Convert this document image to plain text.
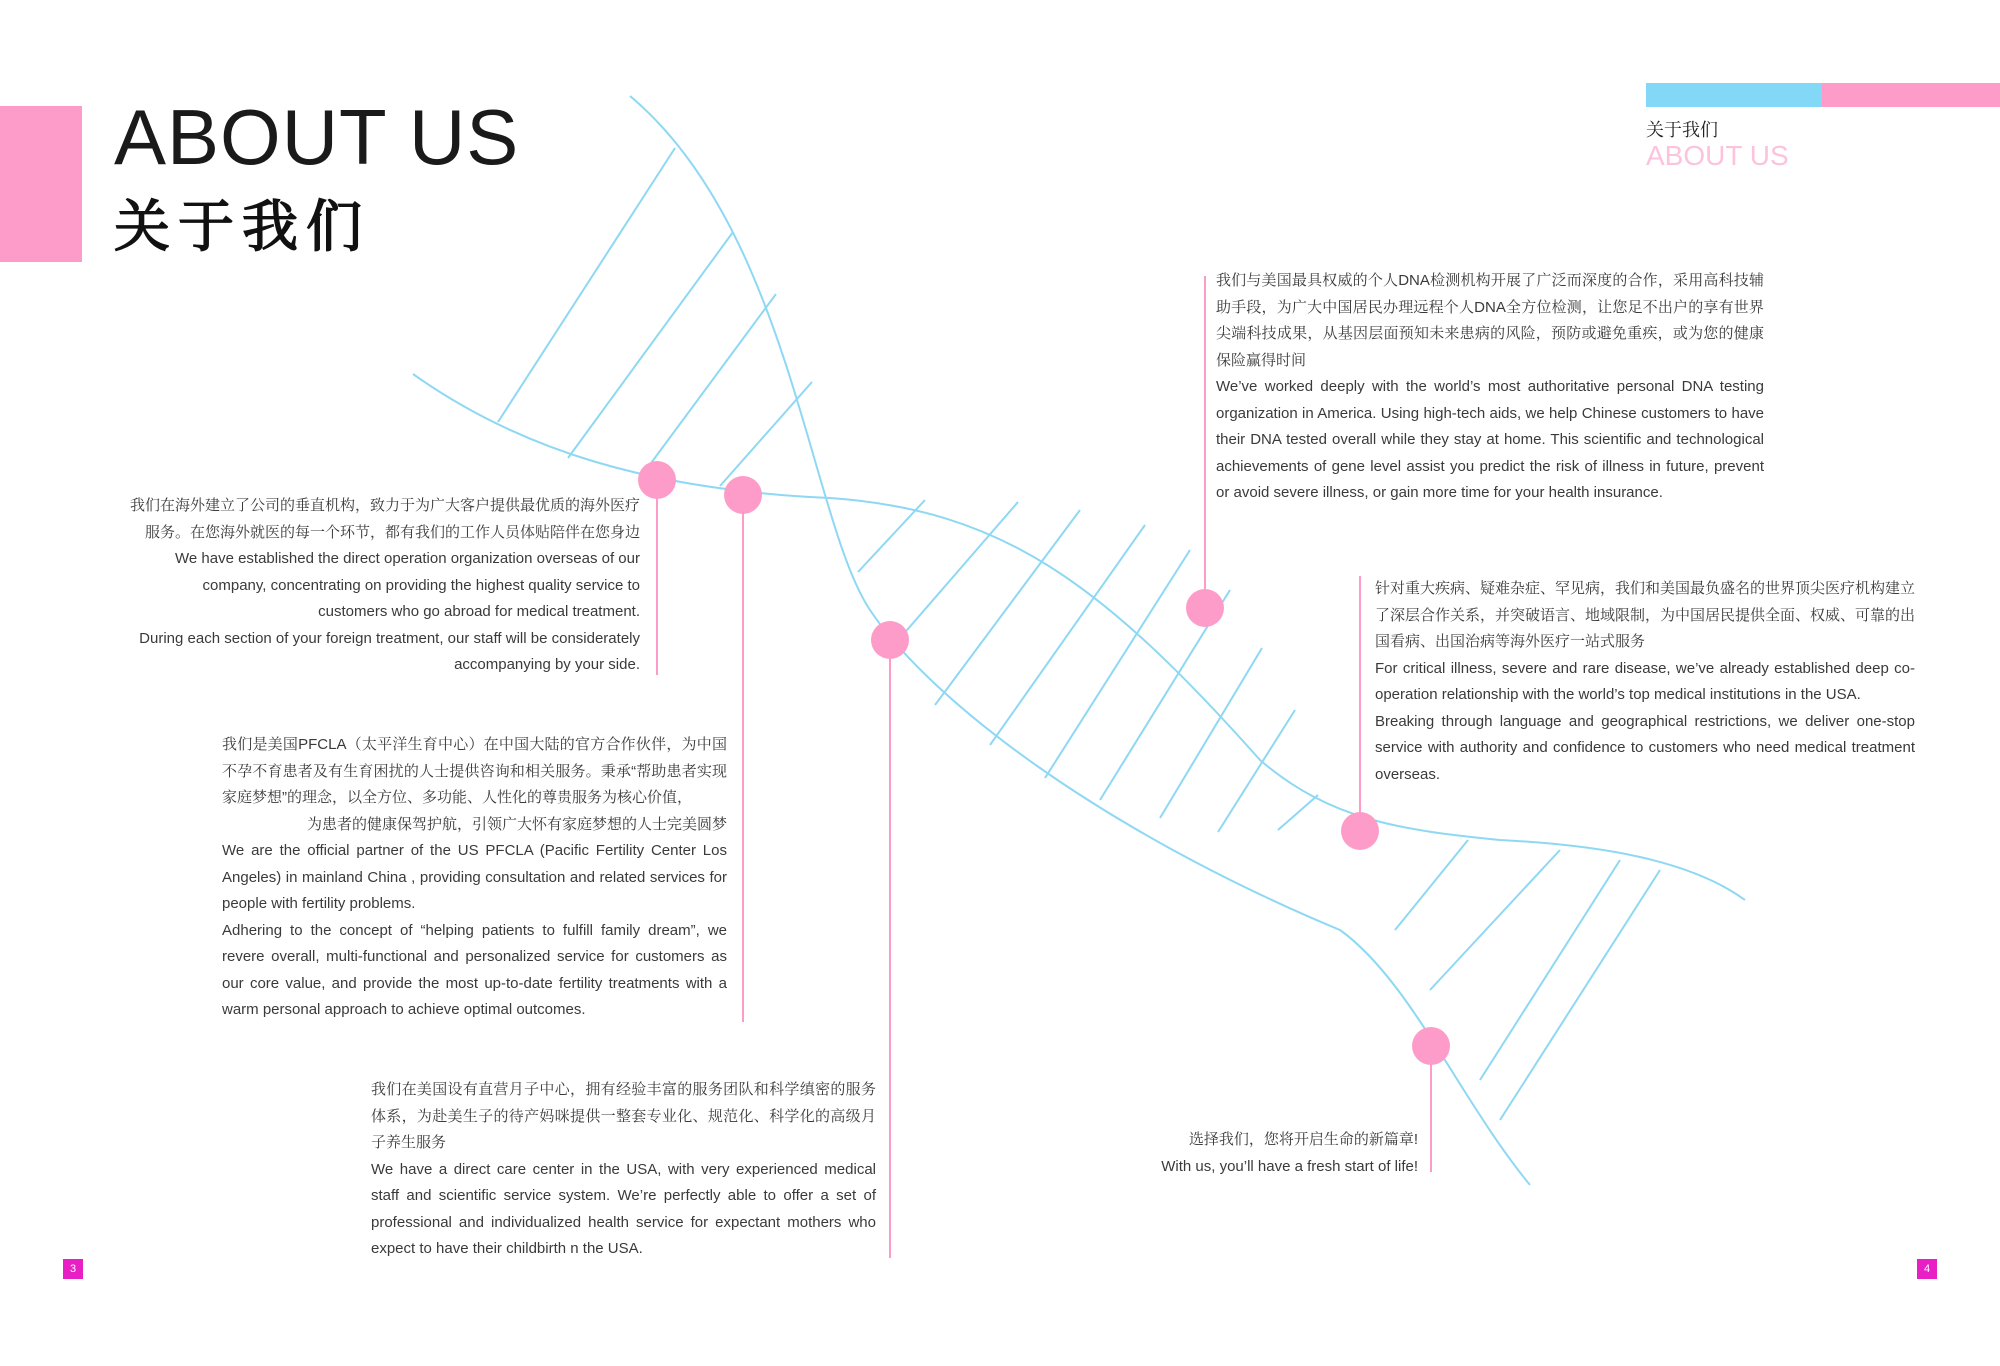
ABOUT US
关于我们
关于我们
ABOUT US

我们在海外建立了公司的垂直机构，致力于为广大客户提供最优质的海外医疗服务。在您海外就医的每一个环节，都有我们的工作人员体贴陪伴在您身边

We have established the direct operation organization overseas of our company, concentrating on providing the highest quality service to customers who go abroad for medical treatment.

During each section of your foreign treatment, our staff will be considerately accompanying by your side.

我们是美国PFCLA（太平洋生育中心）在中国大陆的官方合作伙伴，为中国不孕不育患者及有生育困扰的人士提供咨询和相关服务。秉承“帮助患者实现家庭梦想”的理念，以全方位、多功能、人性化的尊贵服务为核心价值，

为患者的健康保驾护航，引领广大怀有家庭梦想的人士完美圆梦

We are the official partner of the US PFCLA (Pacific Fertility Center Los Angeles) in mainland China , providing consultation and related services for people with fertility problems.

Adhering to the concept of “helping patients to fulfill family dream”, we revere overall, multi-functional and personalized service for customers as our core value, and provide the most up-to-date fertility treatments with a warm personal approach to achieve optimal outcomes.

我们在美国设有直营月子中心，拥有经验丰富的服务团队和科学缜密的服务体系，为赴美生子的待产妈咪提供一整套专业化、规范化、科学化的高级月子养生服务

We have a direct care center in the USA, with very experienced medical staff and scientific service system. We’re perfectly able to offer a set of professional and individualized health service for expectant mothers who expect to have their childbirth n the USA.

我们与美国最具权威的个人DNA检测机构开展了广泛而深度的合作，采用高科技辅助手段，为广大中国居民办理远程个人DNA全方位检测，让您足不出户的享有世界尖端科技成果，从基因层面预知未来患病的风险，预防或避免重疾，或为您的健康保险赢得时间

We’ve worked deeply with the world’s most authoritative personal DNA testing organization in America. Using high-tech aids, we help Chinese customers to have their DNA tested overall while they stay at home. This scientific and technological achievements of gene level assist you predict the risk of illness in future, prevent or avoid severe illness, or gain more time for your health insurance.

针对重大疾病、疑难杂症、罕见病，我们和美国最负盛名的世界顶尖医疗机构建立了深层合作关系，并突破语言、地域限制，为中国居民提供全面、权威、可靠的出国看病、出国治病等海外医疗一站式服务

For critical illness, severe and rare disease, we’ve already established deep co-operation relationship with the world’s top medical institutions in the USA.

Breaking through language and geographical restrictions, we deliver one-stop service with authority and confidence to customers who need medical treatment overseas.

选择我们，您将开启生命的新篇章!

With us, you’ll have a fresh start of life!

3	4
